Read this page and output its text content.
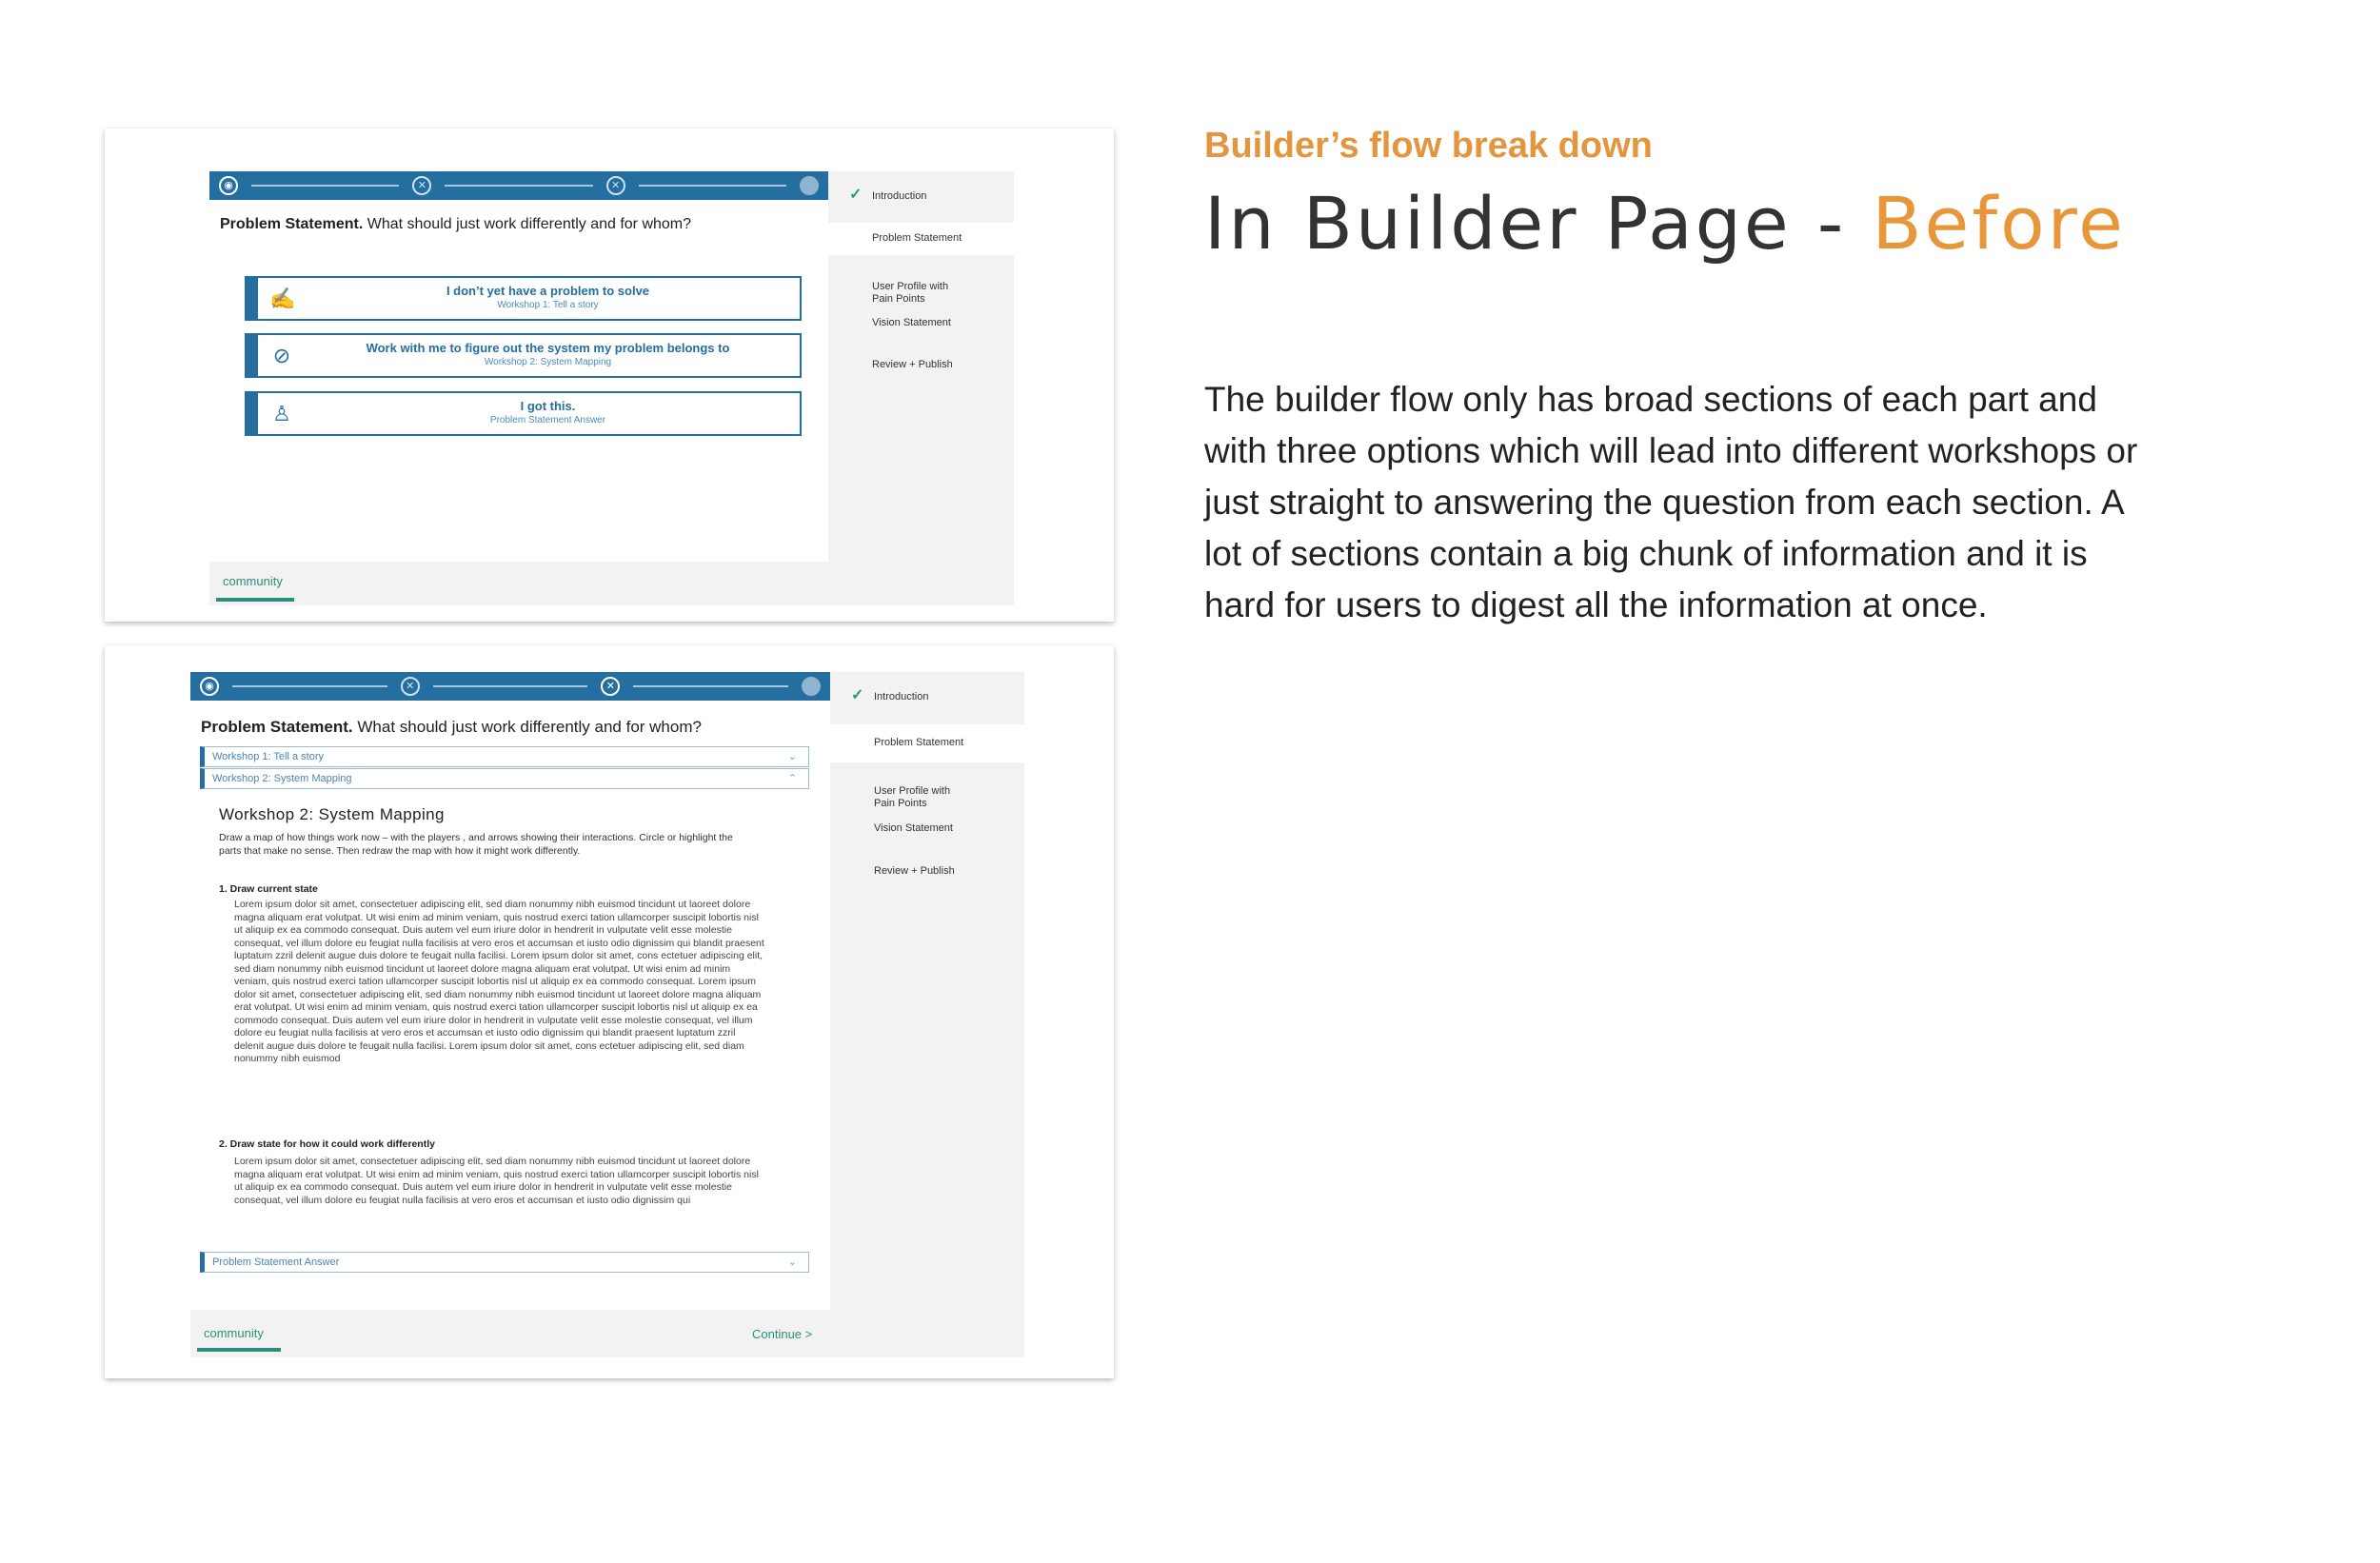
◉	✕	✕
Problem Statement. What should just work differently and for whom?
✍	I don’t yet have a problem to solve
Workshop 1: Tell a story
⊘	Work with me to figure out the system my problem belongs to
Workshop 2: System Mapping
♙	I got this.
Problem Statement Answer
✓ Introduction
Problem Statement

User Profile with
Pain Points

Vision Statement
Review + Publish
community
◉	✕	✕
Problem Statement. What should just work differently and for whom?
Workshop 1: Tell a story	⌄
Workshop 2: System Mapping	⌃
Workshop 2: System Mapping
Draw a map of how things work now – with the players , and arrows showing their interactions. Circle or highlight the parts that make no sense. Then redraw the map with how it might work differently.
1. Draw current state
Lorem ipsum dolor sit amet, consectetuer adipiscing elit, sed diam nonummy nibh euismod tincidunt ut laoreet dolore magna aliquam erat volutpat. Ut wisi enim ad minim veniam, quis nostrud exerci tation ullamcorper suscipit lobortis nisl ut aliquip ex ea commodo consequat. Duis autem vel eum iriure dolor in hendrerit in vulputate velit esse molestie consequat, vel illum dolore eu feugiat nulla facilisis at vero eros et accumsan et iusto odio dignissim qui blandit praesent luptatum zzril delenit augue duis dolore te feugait nulla facilisi. Lorem ipsum dolor sit amet, cons ectetuer adipiscing elit, sed diam nonummy nibh euismod tincidunt ut laoreet dolore magna aliquam erat volutpat. Ut wisi enim ad minim veniam, quis nostrud exerci tation ullamcorper suscipit lobortis nisl ut aliquip ex ea commodo consequat. Lorem ipsum dolor sit amet, consectetuer adipiscing elit, sed diam nonummy nibh euismod tincidunt ut laoreet dolore magna aliquam erat volutpat. Ut wisi enim ad minim veniam, quis nostrud exerci tation ullamcorper suscipit lobortis nisl ut aliquip ex ea commodo consequat. Duis autem vel eum iriure dolor in hendrerit in vulputate velit esse molestie consequat, vel illum dolore eu feugiat nulla facilisis at vero eros et accumsan et iusto odio dignissim qui blandit praesent luptatum zzril delenit augue duis dolore te feugait nulla facilisi. Lorem ipsum dolor sit amet, cons ectetuer adipiscing elit, sed diam nonummy nibh euismod
2. Draw state for how it could work differently
Lorem ipsum dolor sit amet, consectetuer adipiscing elit, sed diam nonummy nibh euismod tincidunt ut laoreet dolore magna aliquam erat volutpat. Ut wisi enim ad minim veniam, quis nostrud exerci tation ullamcorper suscipit lobortis nisl ut aliquip ex ea commodo consequat. Duis autem vel eum iriure dolor in hendrerit in vulputate velit esse molestie consequat, vel illum dolore eu feugiat nulla facilisis at vero eros et accumsan et iusto odio dignissim qui
Problem Statement Answer	⌄
✓ Introduction
Problem Statement

User Profile with
Pain Points

Vision Statement
Review + Publish
community	Continue >
Builder’s flow break down
In Builder Page - Before
The builder flow only has broad sections of each part and with three options which will lead into different workshops or just straight to answering the question from each section. A lot of sections contain a big chunk of information and it is hard for users to digest all the information at once.
